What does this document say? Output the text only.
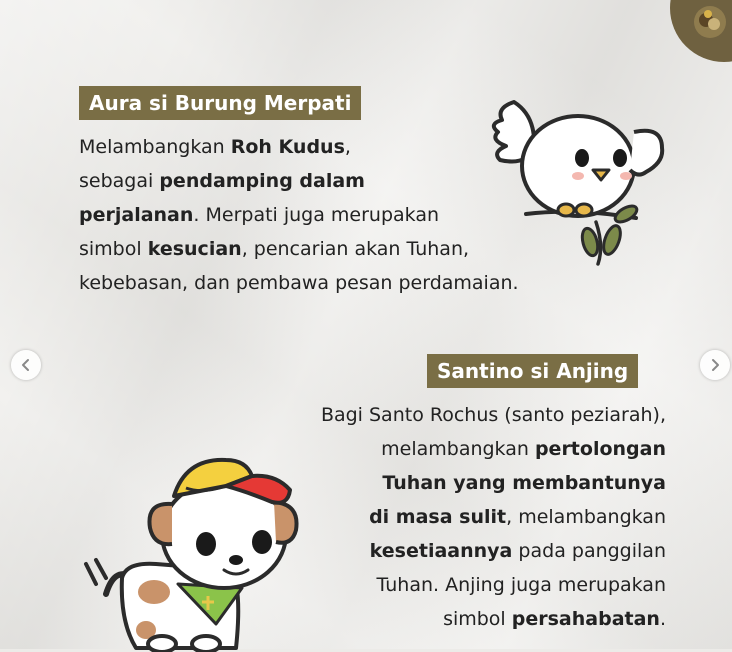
Aura si Burung Merpati
Melambangkan Roh Kudus,
sebagai pendamping dalam
perjalanan. Merpati juga merupakan
simbol kesucian, pencarian akan Tuhan,
kebebasan, dan pembawa pesan perdamaian.
Santino si Anjing
Bagi Santo Rochus (santo peziarah),
melambangkan pertolongan
Tuhan yang membantunya
di masa sulit, melambangkan
kesetiaannya pada panggilan
Tuhan. Anjing juga merupakan
simbol persahabatan.
